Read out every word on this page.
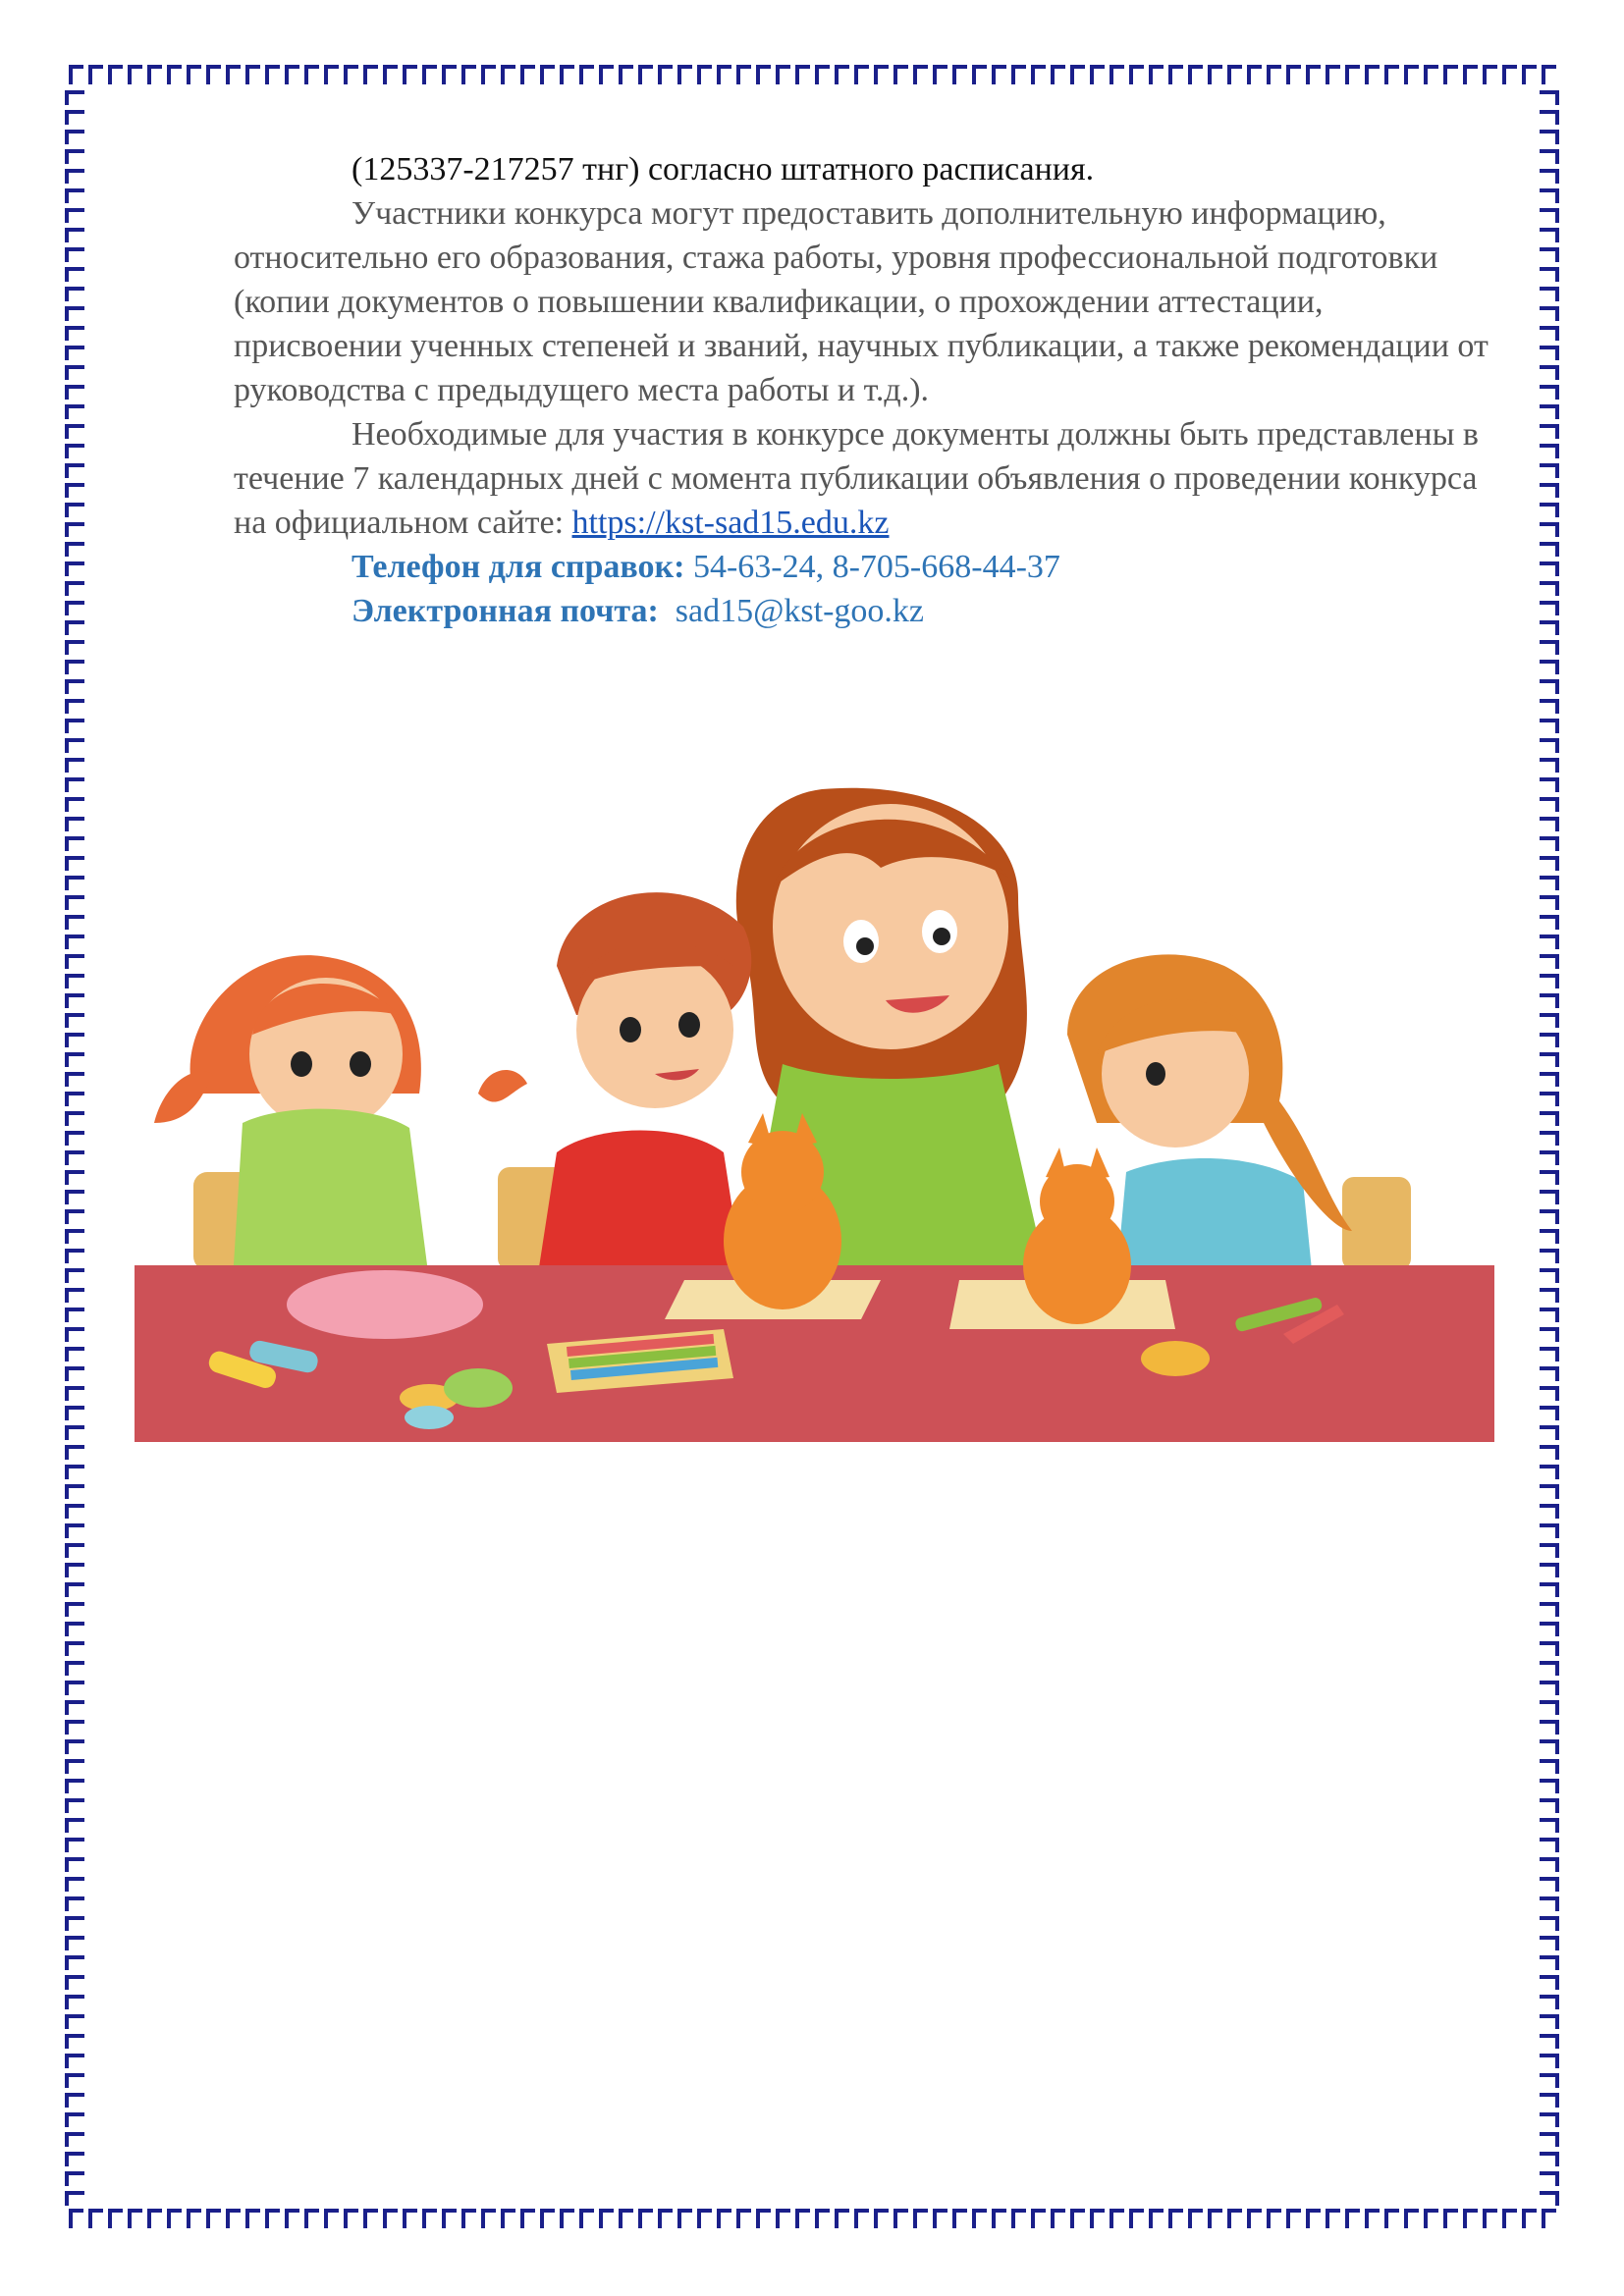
(125337-217257 тнг) согласно штатного расписания.

Участники конкурса могут предоставить дополнительную информацию, относительно его образования, стажа работы, уровня профессиональной подготовки (копии документов о повышении квалификации, о прохождении аттестации, присвоении ученных степеней и званий, научных публикации, а также рекомендации от руководства с предыдущего места работы и т.д.).

Необходимые для участия в конкурсе документы должны быть представлены в течение 7 календарных дней с момента публикации объявления о проведении конкурса на официальном сайте: https://kst-sad15.edu.kz

Телефон для справок: 54-63-24, 8-705-668-44-37

Электронная почта:  sad15@kst-goo.kz
